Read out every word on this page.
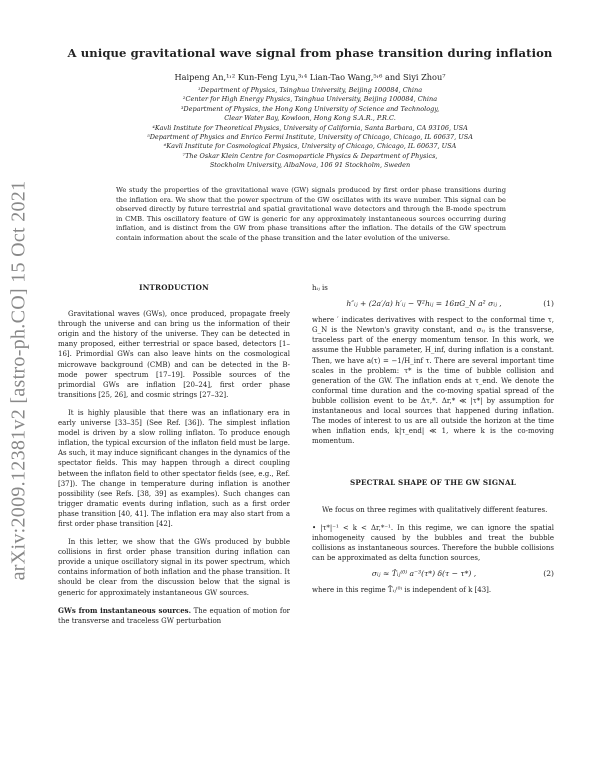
arXiv:2009.12381v2 [astro-ph.CO] 15 Oct 2021
A unique gravitational wave signal from phase transition during inflation
Haipeng An,¹˒² Kun-Feng Lyu,³˒⁴ Lian-Tao Wang,⁵˒⁶ and Siyi Zhou⁷
¹Department of Physics, Tsinghua University, Beijing 100084, China
²Center for High Energy Physics, Tsinghua University, Beijing 100084, China
³Department of Physics, the Hong Kong University of Science and Technology,
Clear Water Bay, Kowloon, Hong Kong S.A.R., P.R.C.
⁴Kavli Institute for Theoretical Physics, University of California, Santa Barbara, CA 93106, USA
⁵Department of Physics and Enrico Fermi Institute, University of Chicago, Chicago, IL 60637, USA
⁶Kavli Institute for Cosmological Physics, University of Chicago, Chicago, IL 60637, USA
⁷The Oskar Klein Centre for Cosmoparticle Physics & Department of Physics,
Stockholm University, AlbaNova, 106 91 Stockholm, Sweden
We study the properties of the gravitational wave (GW) signals produced by first order phase transitions during the inflation era. We show that the power spectrum of the GW oscillates with its wave number. This signal can be observed directly by future terrestrial and spatial gravitational wave detectors and through the B-mode spectrum in CMB. This oscillatory feature of GW is generic for any approximately instantaneous sources occurring during inflation, and is distinct from the GW from phase transitions after the inflation. The details of the GW spectrum contain information about the scale of the phase transition and the later evolution of the universe.
INTRODUCTION

Gravitational waves (GWs), once produced, propagate freely through the universe and can bring us the information of their origin and the history of the universe. They can be detected in many proposed, either terrestrial or space based, detectors [1–16]. Primordial GWs can also leave hints on the cosmological microwave background (CMB) and can be detected in the B-mode power spectrum [17–19]. Possible sources of the primordial GWs are inflation [20–24], first order phase transitions [25, 26], and cosmic strings [27–32].

It is highly plausible that there was an inflationary era in early universe [33–35] (See Ref. [36]). The simplest inflation model is driven by a slow rolling inflaton. To produce enough inflation, the typical excursion of the inflaton field must be large. As such, it may induce significant changes in the dynamics of the spectator fields. This may happen through a direct coupling between the inflaton field to other spectator fields (see, e.g., Ref. [37]). The change in temperature during inflation is another possibility (see Refs. [38, 39] as examples). Such changes can trigger dramatic events during inflation, such as a first order phase transition [40, 41]. The inflation era may also start from a first order phase transition [42].

In this letter, we show that the GWs produced by bubble collisions in first order phase transition during inflation can provide a unique oscillatory signal in its power spectrum, which contains information of both inflation and the phase transition. It should be clear from the discussion below that the signal is generic for approximately instantaneous GW sources.

GWs from instantaneous sources. The equation of motion for the transverse and traceless GW perturbation

hᵢⱼ is

h″ᵢⱼ + (2a′/a) h′ᵢⱼ − ∇²hᵢⱼ = 16πG_N a² σᵢⱼ ,	(1)

where ′ indicates derivatives with respect to the conformal time τ, G_N is the Newton's gravity constant, and σᵢⱼ is the transverse, traceless part of the energy momentum tensor. In this work, we assume the Hubble parameter, H_inf, during inflation is a constant. Then, we have a(τ) = −1/H_inf τ. There are several important time scales in the problem: τ* is the time of bubble collision and generation of the GW. The inflation ends at τ_end. We denote the conformal time duration and the co-moving spatial spread of the bubble collision event to be Δτ,*. Δr,* ≪ |τ*| by assumption for instantaneous and local sources that happened during inflation. The modes of interest to us are all outside the horizon at the time when inflation ends, k|τ_end| ≪ 1, where k is the co-moving momentum.

SPECTRAL SHAPE OF THE GW SIGNAL

We focus on three regimes with qualitatively different features.

• |τ*|⁻¹ < k < Δr,*⁻¹. In this regime, we can ignore the spatial inhomogeneity caused by the bubbles and treat the bubble collisions as instantaneous sources. Therefore the bubble collisions can be approximated as delta function sources,

σᵢⱼ ≈ T̂ᵢⱼ⁽⁰⁾ a⁻³(τ*) δ(τ − τ*) ,	(2)

where in this regime T̂ᵢⱼ⁽⁰⁾ is independent of k [43].
